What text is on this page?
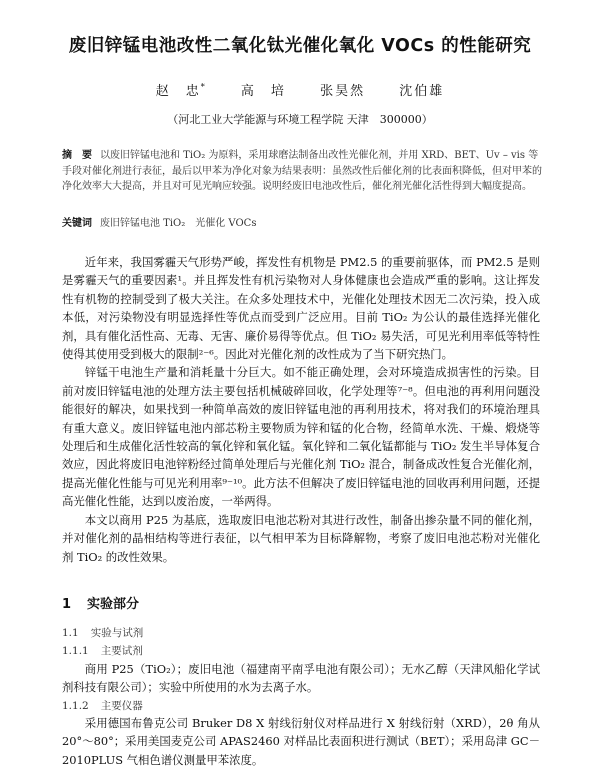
废旧锌锰电池改性二氧化钛光催化氧化 VOCs 的性能研究
赵　忠*	高　培	张昊然	沈伯雄
（河北工业大学能源与环境工程学院 天津　300000）
摘　要 以废旧锌锰电池和 TiO₂ 为原料，采用球磨法制备出改性光催化剂，并用 XRD、BET、Uv – vis 等手段对催化剂进行表征，最后以甲苯为净化对象为结果表明：虽然改性后催化剂的比表面积降低，但对甲苯的净化效率大大提高，并且对可见光响应较强。说明经废旧电池改性后，催化剂光催化活性得到大幅度提高。
关键词 废旧锌锰电池 TiO₂　光催化 VOCs

近年来，我国雾霾天气形势严峻，挥发性有机物是 PM2.5 的重要前驱体，而 PM2.5 是则是雾霾天气的重要因素¹。并且挥发性有机污染物对人身体健康也会造成严重的影响。这让挥发性有机物的控制受到了极大关注。在众多处理技术中，光催化处理技术因无二次污染，投入成本低，对污染物没有明显选择性等优点而受到广泛应用。目前 TiO₂ 为公认的最佳选择光催化剂，具有催化活性高、无毒、无害、廉价易得等优点。但 TiO₂ 易失活，可见光利用率低等特性使得其使用受到极大的限制²⁻⁶。因此对光催化剂的改性成为了当下研究热门。

锌锰干电池生产量和消耗量十分巨大。如不能正确处理，会对环境造成损害性的污染。目前对废旧锌锰电池的处理方法主要包括机械破碎回收，化学处理等⁷⁻⁸。但电池的再利用问题没能很好的解决，如果找到一种简单高效的废旧锌锰电池的再利用技术，将对我们的环境治理具有重大意义。废旧锌锰电池内部芯粉主要物质为锌和锰的化合物，经简单水洗、干燥、煅烧等处理后和生成催化活性较高的氧化锌和氧化锰。氧化锌和二氧化锰都能与 TiO₂ 发生半导体复合效应，因此将废旧电池锌粉经过简单处理后与光催化剂 TiO₂ 混合，制备成改性复合光催化剂，提高光催化性能与可见光利用率⁹⁻¹⁰。此方法不但解决了废旧锌锰电池的回收再利用问题，还提高光催化性能，达到以废治废，一举两得。

本文以商用 P25 为基底，选取废旧电池芯粉对其进行改性，制备出掺杂量不同的催化剂，并对催化剂的晶相结构等进行表征，以气相甲苯为目标降解物，考察了废旧电池芯粉对光催化剂 TiO₂ 的改性效果。

1 实验部分
1.1 实验与试剂
1.1.1 主要试剂

商用 P25（TiO₂）；废旧电池（福建南平南孚电池有限公司）；无水乙醇（天津风船化学试剂科技有限公司）；实验中所使用的水为去离子水。

1.1.2 主要仪器

采用德国布鲁克公司 Bruker D8 X 射线衍射仪对样品进行 X 射线衍射（XRD），2θ 角从 20°～80°；采用美国麦克公司 APAS2460 对样品比表面积进行测试（BET）；采用岛津 GC－2010PLUS 气相色谱仪测量甲苯浓度。
